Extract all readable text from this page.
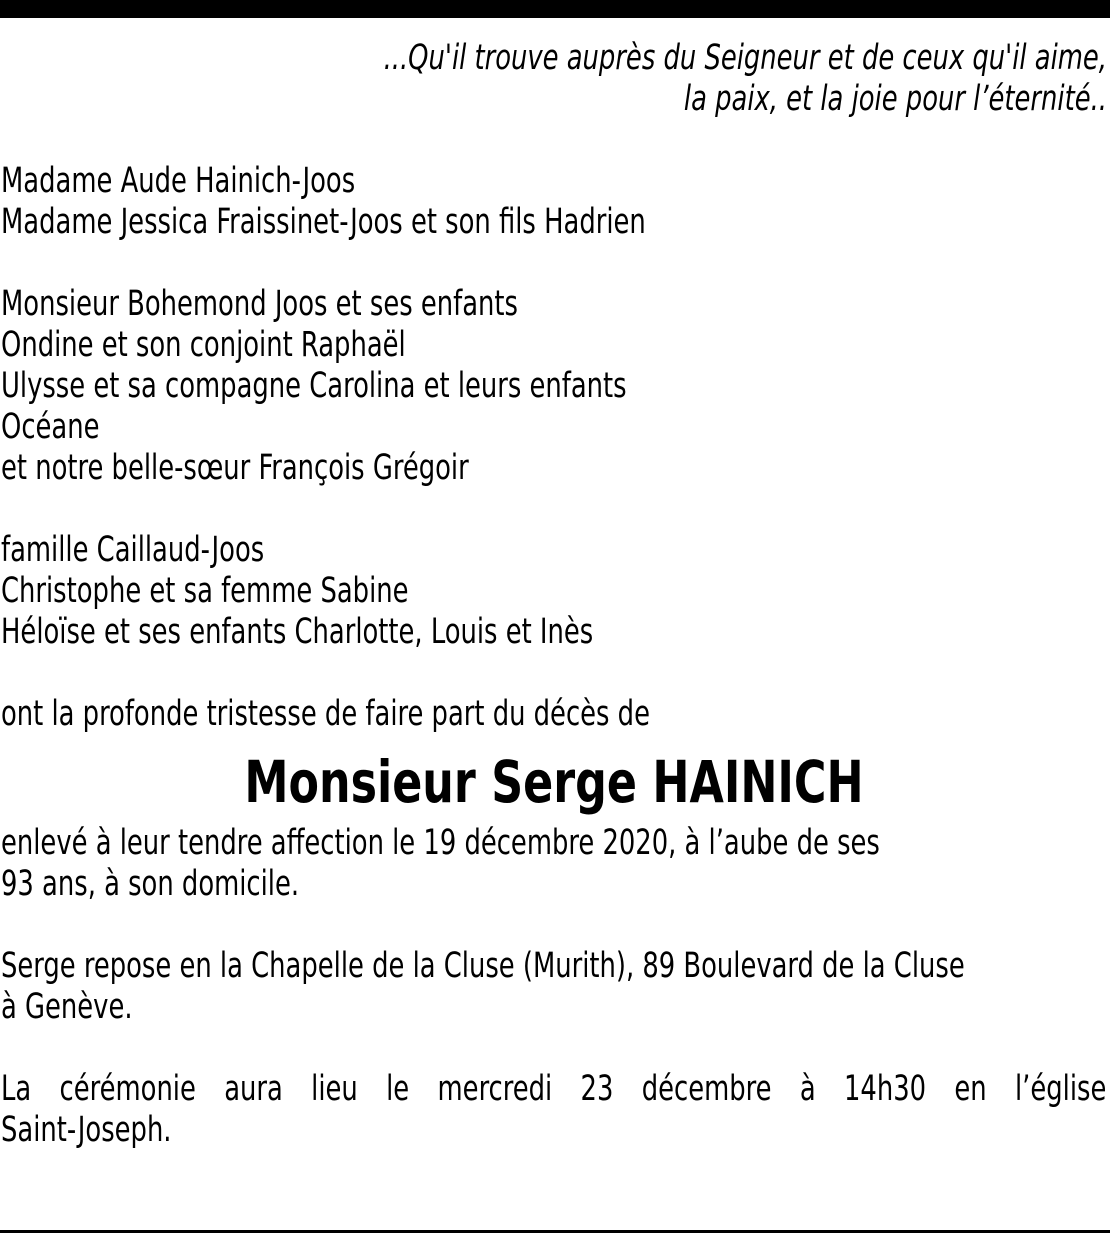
...Qu'il trouve auprès du Seigneur et de ceux qu'il aime,
la paix, et la joie pour l’éternité..
Madame Aude Hainich-Joos
Madame Jessica Fraissinet-Joos et son fils Hadrien
Monsieur Bohemond Joos et ses enfants
Ondine et son conjoint Raphaël
Ulysse et sa compagne Carolina et leurs enfants
Océane
et notre belle-sœur François Grégoir
famille Caillaud-Joos
Christophe et sa femme Sabine
Héloïse et ses enfants Charlotte, Louis et Inès
ont la profonde tristesse de faire part du décès de
Monsieur Serge HAINICH
enlevé à leur tendre affection le 19 décembre 2020, à l’aube de ses
93 ans, à son domicile.
Serge repose en la Chapelle de la Cluse (Murith), 89 Boulevard de la Cluse
à Genève.
La cérémonie aura lieu le mercredi 23 décembre à 14h30 en l’église
Saint-Joseph.
